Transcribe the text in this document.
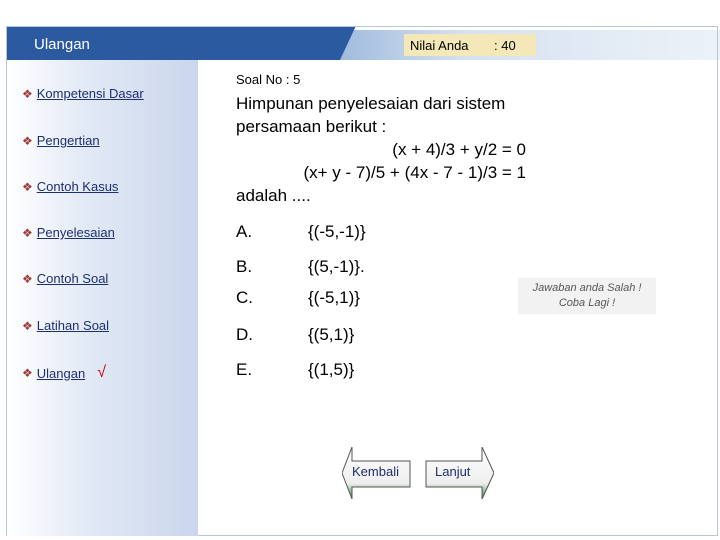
Ulangan	Nilai Anda : 40
❖ Kompetensi Dasar
❖ Pengertian
❖ Contoh Kasus
❖ Penyelesaian
❖ Contoh Soal
❖ Latihan Soal
❖ Ulangan √
Soal No : 5
Himpunan penyelesaian dari sistem
persamaan berikut :
(x + 4)/3 + y/2 = 0
(x+ y - 7)/5 + (4x - 7 - 1)/3 = 1
adalah ....
A.	{(-5,-1)}
B.	{(5,-1)}.
C.	{(-5,1)}
D.	{(5,1)}
E.	{(1,5)}
Jawaban anda Salah !
Coba Lagi !
Kembali	Lanjut
